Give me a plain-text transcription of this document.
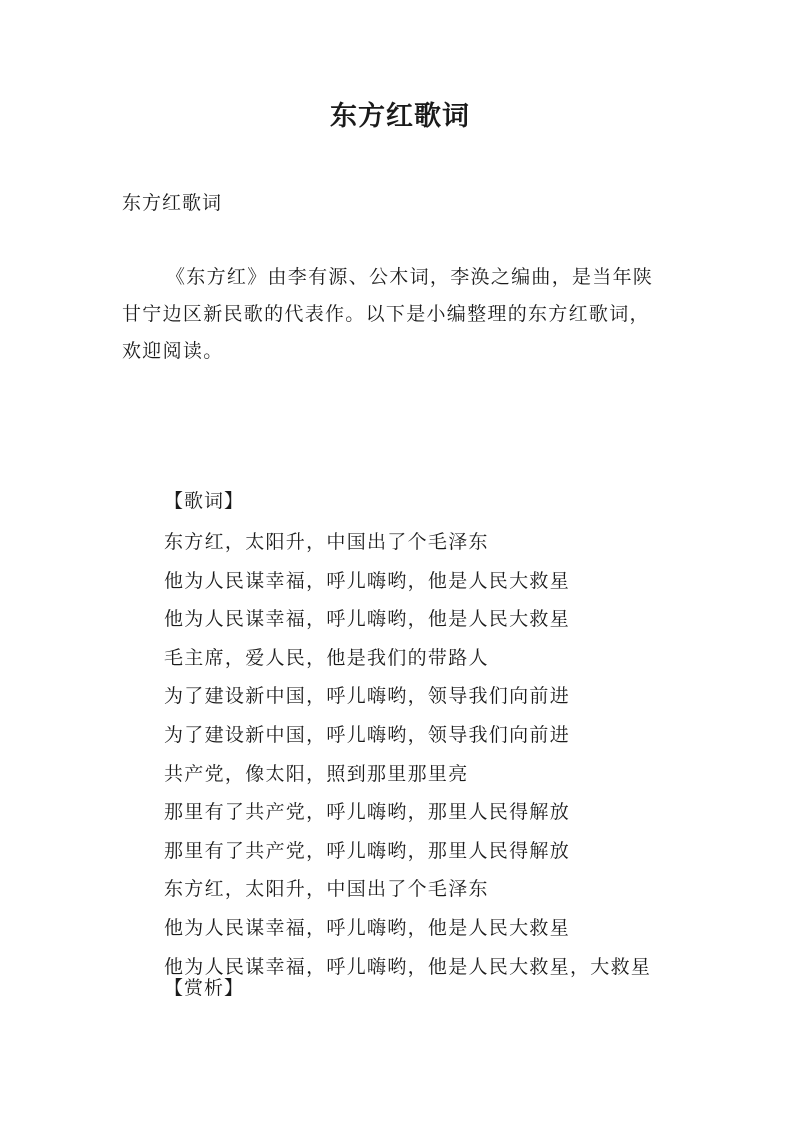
东方红歌词
东方红歌词

《东方红》由李有源、公木词，李涣之编曲，是当年陕
甘宁边区新民歌的代表作。以下是小编整理的东方红歌词，
欢迎阅读。

【歌词】
东方红，太阳升，中国出了个毛泽东
他为人民谋幸福，呼儿嗨哟，他是人民大救星
他为人民谋幸福，呼儿嗨哟，他是人民大救星
毛主席，爱人民，他是我们的带路人
为了建设新中国，呼儿嗨哟，领导我们向前进
为了建设新中国，呼儿嗨哟，领导我们向前进
共产党，像太阳，照到那里那里亮
那里有了共产党，呼儿嗨哟，那里人民得解放
那里有了共产党，呼儿嗨哟，那里人民得解放
东方红，太阳升，中国出了个毛泽东
他为人民谋幸福，呼儿嗨哟，他是人民大救星
他为人民谋幸福，呼儿嗨哟，他是人民大救星，大救星
【赏析】
